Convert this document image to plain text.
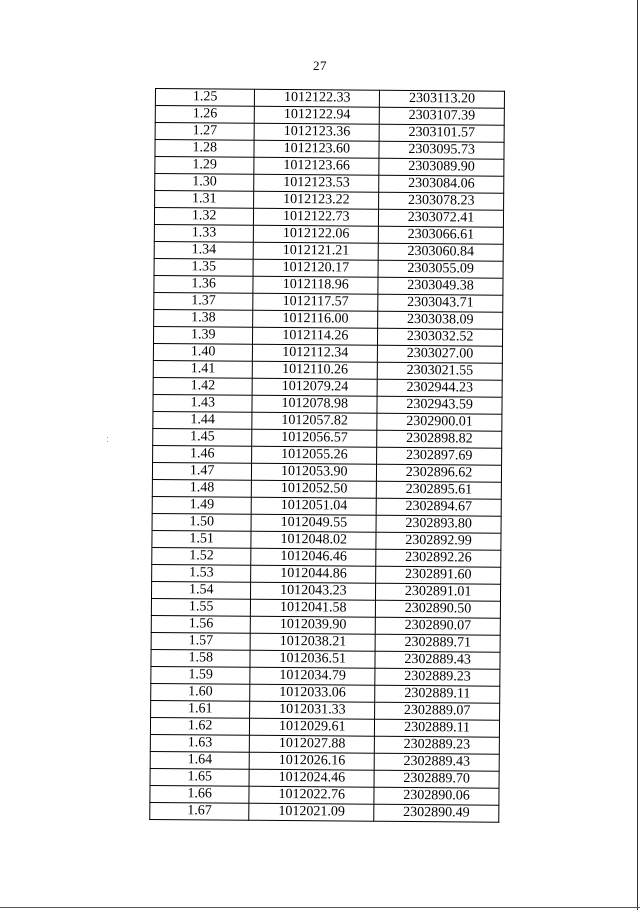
27
1.25	1012122.33	2303113.20
1.26	1012122.94	2303107.39
1.27	1012123.36	2303101.57
1.28	1012123.60	2303095.73
1.29	1012123.66	2303089.90
1.30	1012123.53	2303084.06
1.31	1012123.22	2303078.23
1.32	1012122.73	2303072.41
1.33	1012122.06	2303066.61
1.34	1012121.21	2303060.84
1.35	1012120.17	2303055.09
1.36	1012118.96	2303049.38
1.37	1012117.57	2303043.71
1.38	1012116.00	2303038.09
1.39	1012114.26	2303032.52
1.40	1012112.34	2303027.00
1.41	1012110.26	2303021.55
1.42	1012079.24	2302944.23
1.43	1012078.98	2302943.59
1.44	1012057.82	2302900.01
1.45	1012056.57	2302898.82
1.46	1012055.26	2302897.69
1.47	1012053.90	2302896.62
1.48	1012052.50	2302895.61
1.49	1012051.04	2302894.67
1.50	1012049.55	2302893.80
1.51	1012048.02	2302892.99
1.52	1012046.46	2302892.26
1.53	1012044.86	2302891.60
1.54	1012043.23	2302891.01
1.55	1012041.58	2302890.50
1.56	1012039.90	2302890.07
1.57	1012038.21	2302889.71
1.58	1012036.51	2302889.43
1.59	1012034.79	2302889.23
1.60	1012033.06	2302889.11
1.61	1012031.33	2302889.07
1.62	1012029.61	2302889.11
1.63	1012027.88	2302889.23
1.64	1012026.16	2302889.43
1.65	1012024.46	2302889.70
1.66	1012022.76	2302890.06
1.67	1012021.09	2302890.49
